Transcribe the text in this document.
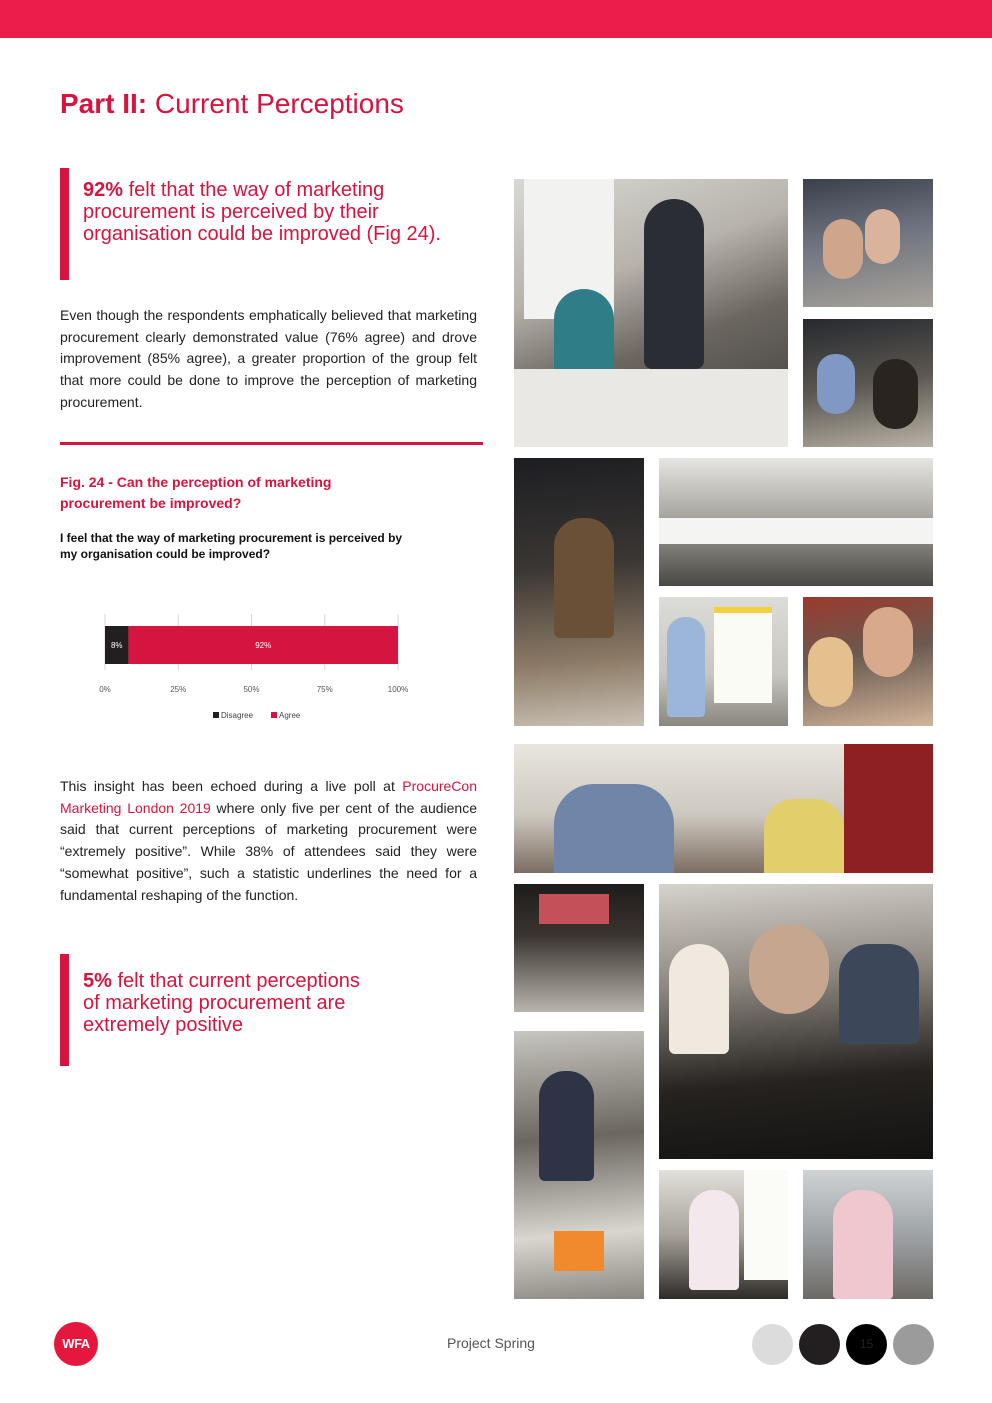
Part II: Current Perceptions
92% felt that the way of marketing procurement is perceived by their organisation could be improved (Fig 24).

Even though the respondents emphatically believed that marketing procurement clearly demonstrated value (76% agree) and drove improvement (85% agree), a greater proportion of the group felt that more could be done to improve the perception of marketing procurement.

Fig. 24 - Can the perception of marketing procurement be improved?
I feel that the way of marketing procurement is perceived by my organisation could be improved?
0%	25%	50%	75%	100%
8%	92%
Disagree	Agree

This insight has been echoed during a live poll at ProcureCon Marketing London 2019 where only five per cent of the audience said that current perceptions of marketing procurement were “extremely positive”. While 38% of attendees said they were “somewhat positive”, such a statistic underlines the need for a fundamental reshaping of the function.

5% felt that current perceptions of marketing procurement are extremely positive
WFA	Project Spring	15
